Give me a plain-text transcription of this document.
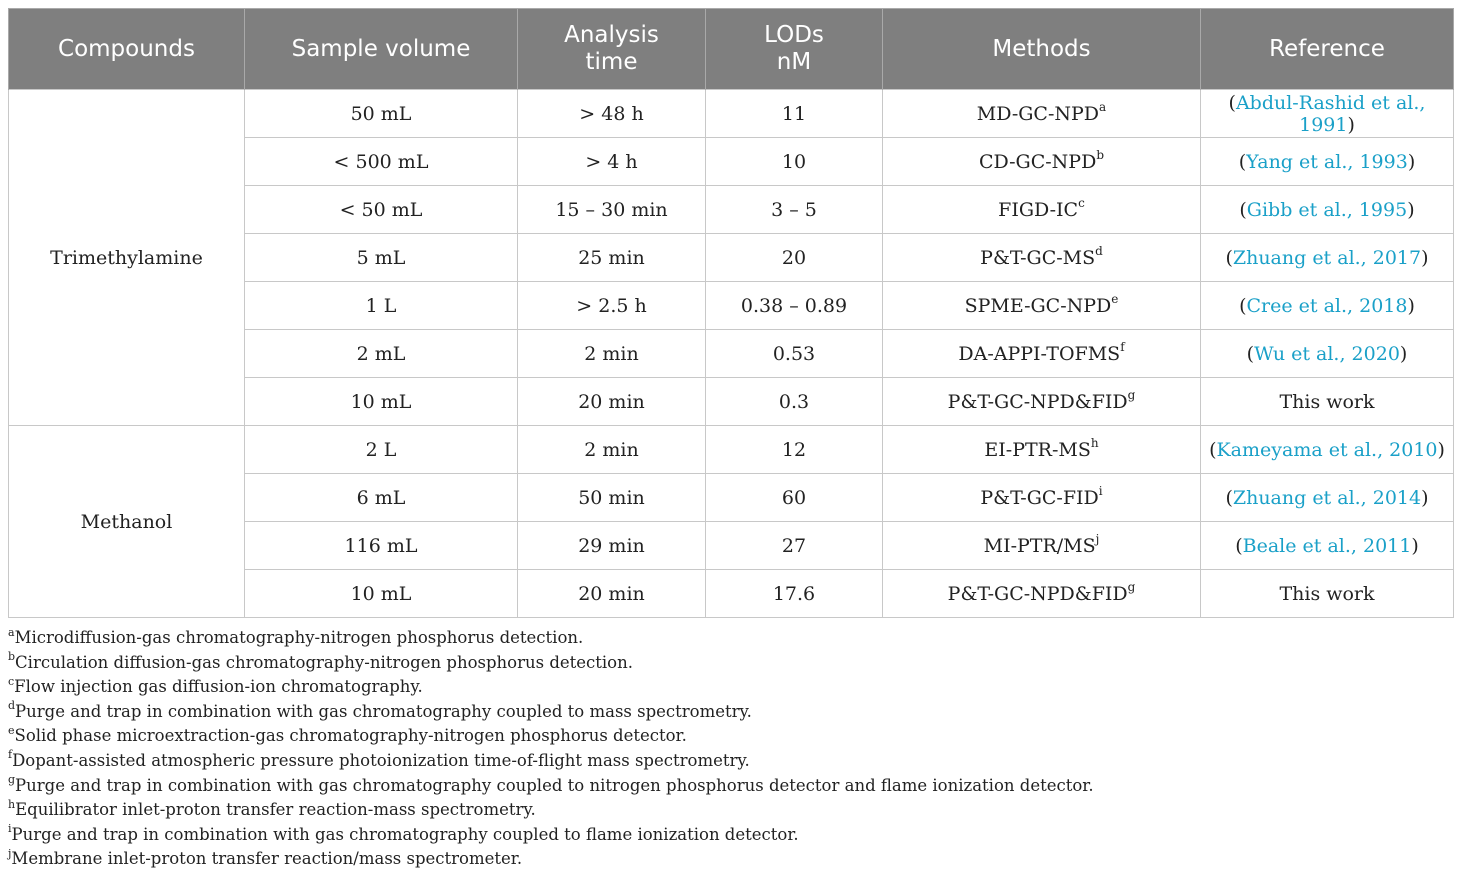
Compounds	Sample volume	Analysis time	LODs nM	Methods	Reference
Trimethylamine	50 mL	> 48 h	11	MD-GC-NPD$^a$	(Abdul-Rashid et al., 1991)
	< 500 mL	> 4 h	10	CD-GC-NPD$^b$	(Yang et al., 1993)
	< 50 mL	15 – 30 min	3 – 5	FIGD-$IC^c$	(Gibb et al., 1995)
	5 mL	25 min	20	$P\&T-GC-MS^d$	(Zhuang et al., 2017)
	1 L	> 2.5 h	0.38 – 0.89	SPME-GC-NPD$^e$	(Cree et al., 2018)
	2 mL	2 min	0.53	DA-APPI-TOFMS$^f$	(Wu et al., 2020)
	10 mL	20 min	0.3	P&T-GC-NPD&FID$^g$	This work
Methanol	2 L	2 min	12	$EI-PTR-MS^h$	(Kameyama et al., 2010)
	6 mL	50 min	60	P&T-GC-FID$^i$	(Zhuang et al., 2014)
	116 mL	29 min	27	$MI-PTR/MS^j$	(Beale et al., 2011)
	10 mL	20 min	17.6	P&T-GC-NPD&FID$^g$	This work
$^a$Microdiffusion-gas chromatography-nitrogen phosphorus detection.
$^b$Circulation diffusion-gas chromatography-nitrogen phosphorus detection.
$^c$Flow injection gas diffusion-ion chromatography.
$^d$Purge and trap in combination with gas chromatography coupled to mass spectrometry.
$^e$Solid phase microextraction-gas chromatography-nitrogen phosphorus detector.
$^f$Dopant-assisted atmospheric pressure photoionization time-of-flight mass spectrometry.
$^g$Purge and trap in combination with gas chromatography coupled to nitrogen phosphorus detector and flame ionization detector.
$^h$Equilibrator inlet-proton transfer reaction-mass spectrometry.
$^i$Purge and trap in combination with gas chromatography coupled to flame ionization detector.
$^j$Membrane inlet-proton transfer reaction/mass spectrometer.
